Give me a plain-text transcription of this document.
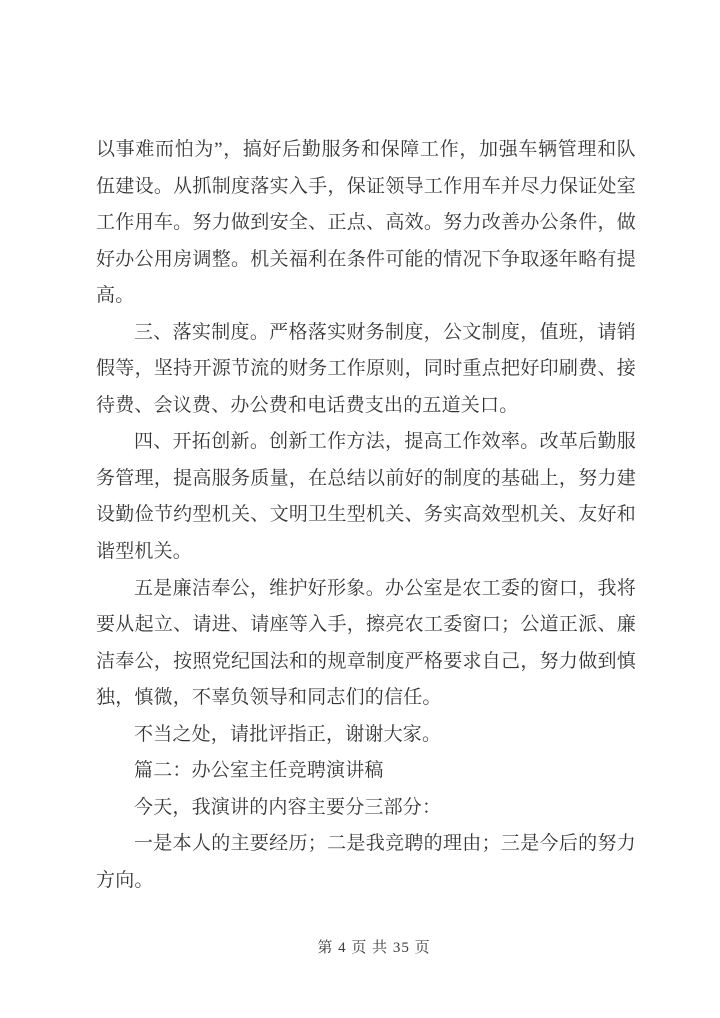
以事难而怕为”，搞好后勤服务和保障工作，加强车辆管理和队伍建设。从抓制度落实入手，保证领导工作用车并尽力保证处室工作用车。努力做到安全、正点、高效。努力改善办公条件，做好办公用房调整。机关福利在条件可能的情况下争取逐年略有提高。

三、落实制度。严格落实财务制度，公文制度，值班，请销假等，坚持开源节流的财务工作原则，同时重点把好印刷费、接待费、会议费、办公费和电话费支出的五道关口。

四、开拓创新。创新工作方法，提高工作效率。改革后勤服务管理，提高服务质量，在总结以前好的制度的基础上，努力建设勤俭节约型机关、文明卫生型机关、务实高效型机关、友好和谐型机关。

五是廉洁奉公，维护好形象。办公室是农工委的窗口，我将要从起立、请进、请座等入手，擦亮农工委窗口；公道正派、廉洁奉公，按照党纪国法和的规章制度严格要求自己，努力做到慎独，慎微，不辜负领导和同志们的信任。

不当之处，请批评指正，谢谢大家。

篇二：办公室主任竞聘演讲稿

今天，我演讲的内容主要分三部分：

一是本人的主要经历；二是我竞聘的理由；三是今后的努力方向。

第 4 页 共 35 页
